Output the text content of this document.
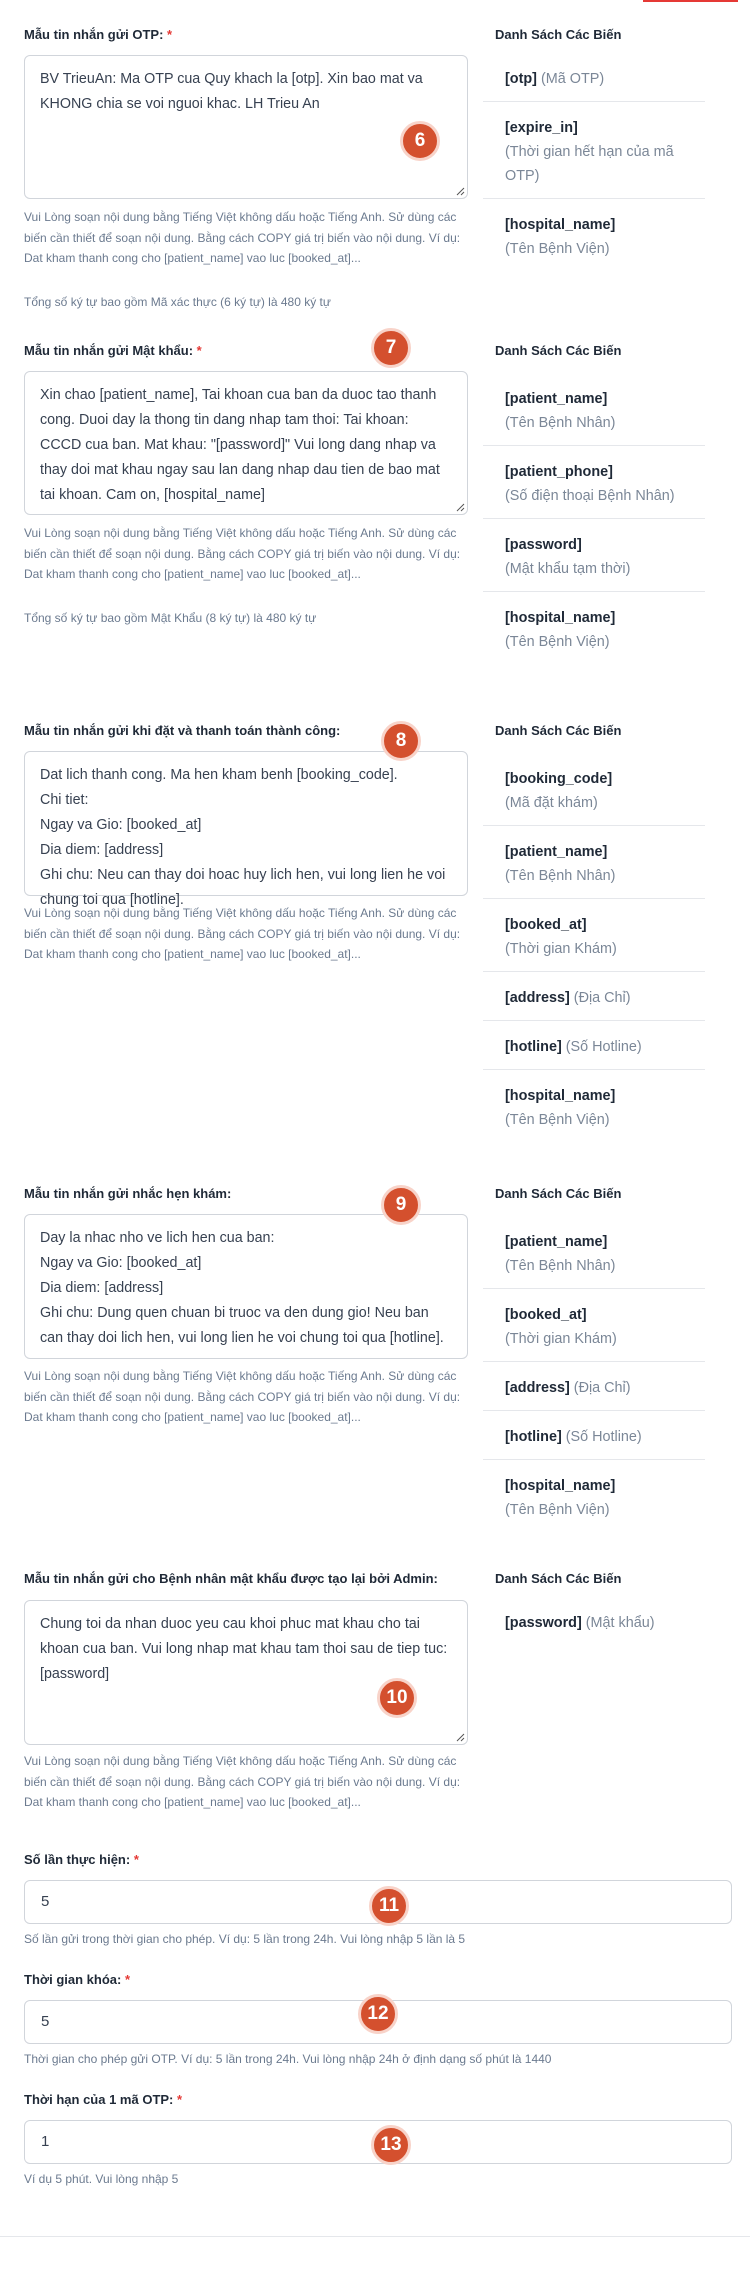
Mẫu tin nhắn gửi OTP: *
BV TrieuAn: Ma OTP cua Quy khach la [otp]. Xin bao mat va KHONG chia se voi nguoi khac. LH Trieu An
Vui Lòng soạn nội dung bằng Tiếng Việt không dấu hoặc Tiếng Anh. Sử dùng các biến cần thiết để soạn nội dung. Bằng cách COPY giá trị biến vào nội dung. Ví dụ: Dat kham thanh cong cho [patient_name] vao luc [booked_at]...
Tổng số ký tự bao gồm Mã xác thực (6 ký tự) là 480 ký tự
Danh Sách Các Biến
[otp] (Mã OTP)
[expire_in]
(Thời gian hết hạn của mã OTP)
[hospital_name]
(Tên Bệnh Viện)
6
Mẫu tin nhắn gửi Mật khẩu: *
Xin chao [patient_name], Tai khoan cua ban da duoc tao thanh cong. Duoi day la thong tin dang nhap tam thoi: Tai khoan: CCCD cua ban. Mat khau: "[password]" Vui long dang nhap va thay doi mat khau ngay sau lan dang nhap dau tien de bao mat tai khoan. Cam on, [hospital_name]
Vui Lòng soạn nội dung bằng Tiếng Việt không dấu hoặc Tiếng Anh. Sử dùng các biến cần thiết để soạn nội dung. Bằng cách COPY giá trị biến vào nội dung. Ví dụ: Dat kham thanh cong cho [patient_name] vao luc [booked_at]...
Tổng số ký tự bao gồm Mật Khẩu (8 ký tự) là 480 ký tự
Danh Sách Các Biến
[patient_name]
(Tên Bệnh Nhân)
[patient_phone]
(Số điện thoại Bệnh Nhân)
[password]
(Mật khẩu tạm thời)
[hospital_name]
(Tên Bệnh Viện)
7
Mẫu tin nhắn gửi khi đặt và thanh toán thành công:
Dat lich thanh cong. Ma hen kham benh [booking_code].
Chi tiet:
Ngay va Gio: [booked_at]
Dia diem: [address]
Ghi chu: Neu can thay doi hoac huy lich hen, vui long lien he voi chung toi qua [hotline].
Vui Lòng soạn nội dung bằng Tiếng Việt không dấu hoặc Tiếng Anh. Sử dùng các biến cần thiết để soạn nội dung. Bằng cách COPY giá trị biến vào nội dung. Ví dụ: Dat kham thanh cong cho [patient_name] vao luc [booked_at]...
Danh Sách Các Biến
[booking_code]
(Mã đặt khám)
[patient_name]
(Tên Bệnh Nhân)
[booked_at]
(Thời gian Khám)
[address] (Địa Chỉ)
[hotline] (Số Hotline)
[hospital_name]
(Tên Bệnh Viện)
8
Mẫu tin nhắn gửi nhắc hẹn khám:
Day la nhac nho ve lich hen cua ban:
Ngay va Gio: [booked_at]
Dia diem: [address]
Ghi chu: Dung quen chuan bi truoc va den dung gio! Neu ban can thay doi lich hen, vui long lien he voi chung toi qua [hotline].
Vui Lòng soạn nội dung bằng Tiếng Việt không dấu hoặc Tiếng Anh. Sử dùng các biến cần thiết để soạn nội dung. Bằng cách COPY giá trị biến vào nội dung. Ví dụ: Dat kham thanh cong cho [patient_name] vao luc [booked_at]...
Danh Sách Các Biến
[patient_name]
(Tên Bệnh Nhân)
[booked_at]
(Thời gian Khám)
[address] (Địa Chỉ)
[hotline] (Số Hotline)
[hospital_name]
(Tên Bệnh Viện)
9
Mẫu tin nhắn gửi cho Bệnh nhân mật khẩu được tạo lại bởi Admin:
Chung toi da nhan duoc yeu cau khoi phuc mat khau cho tai khoan cua ban. Vui long nhap mat khau tam thoi sau de tiep tuc: [password]
Vui Lòng soạn nội dung bằng Tiếng Việt không dấu hoặc Tiếng Anh. Sử dùng các biến cần thiết để soạn nội dung. Bằng cách COPY giá trị biến vào nội dung. Ví dụ: Dat kham thanh cong cho [patient_name] vao luc [booked_at]...
Danh Sách Các Biến
[password] (Mật khẩu)
10
Số lần thực hiện: *
5
Số lần gửi trong thời gian cho phép. Ví dụ: 5 lần trong 24h. Vui lòng nhập 5 lần là 5
11
Thời gian khóa: *
5
Thời gian cho phép gửi OTP. Ví dụ: 5 lần trong 24h. Vui lòng nhập 24h ở định dạng số phút là 1440
12
Thời hạn của 1 mã OTP: *
1
Ví dụ 5 phút. Vui lòng nhập 5
13
